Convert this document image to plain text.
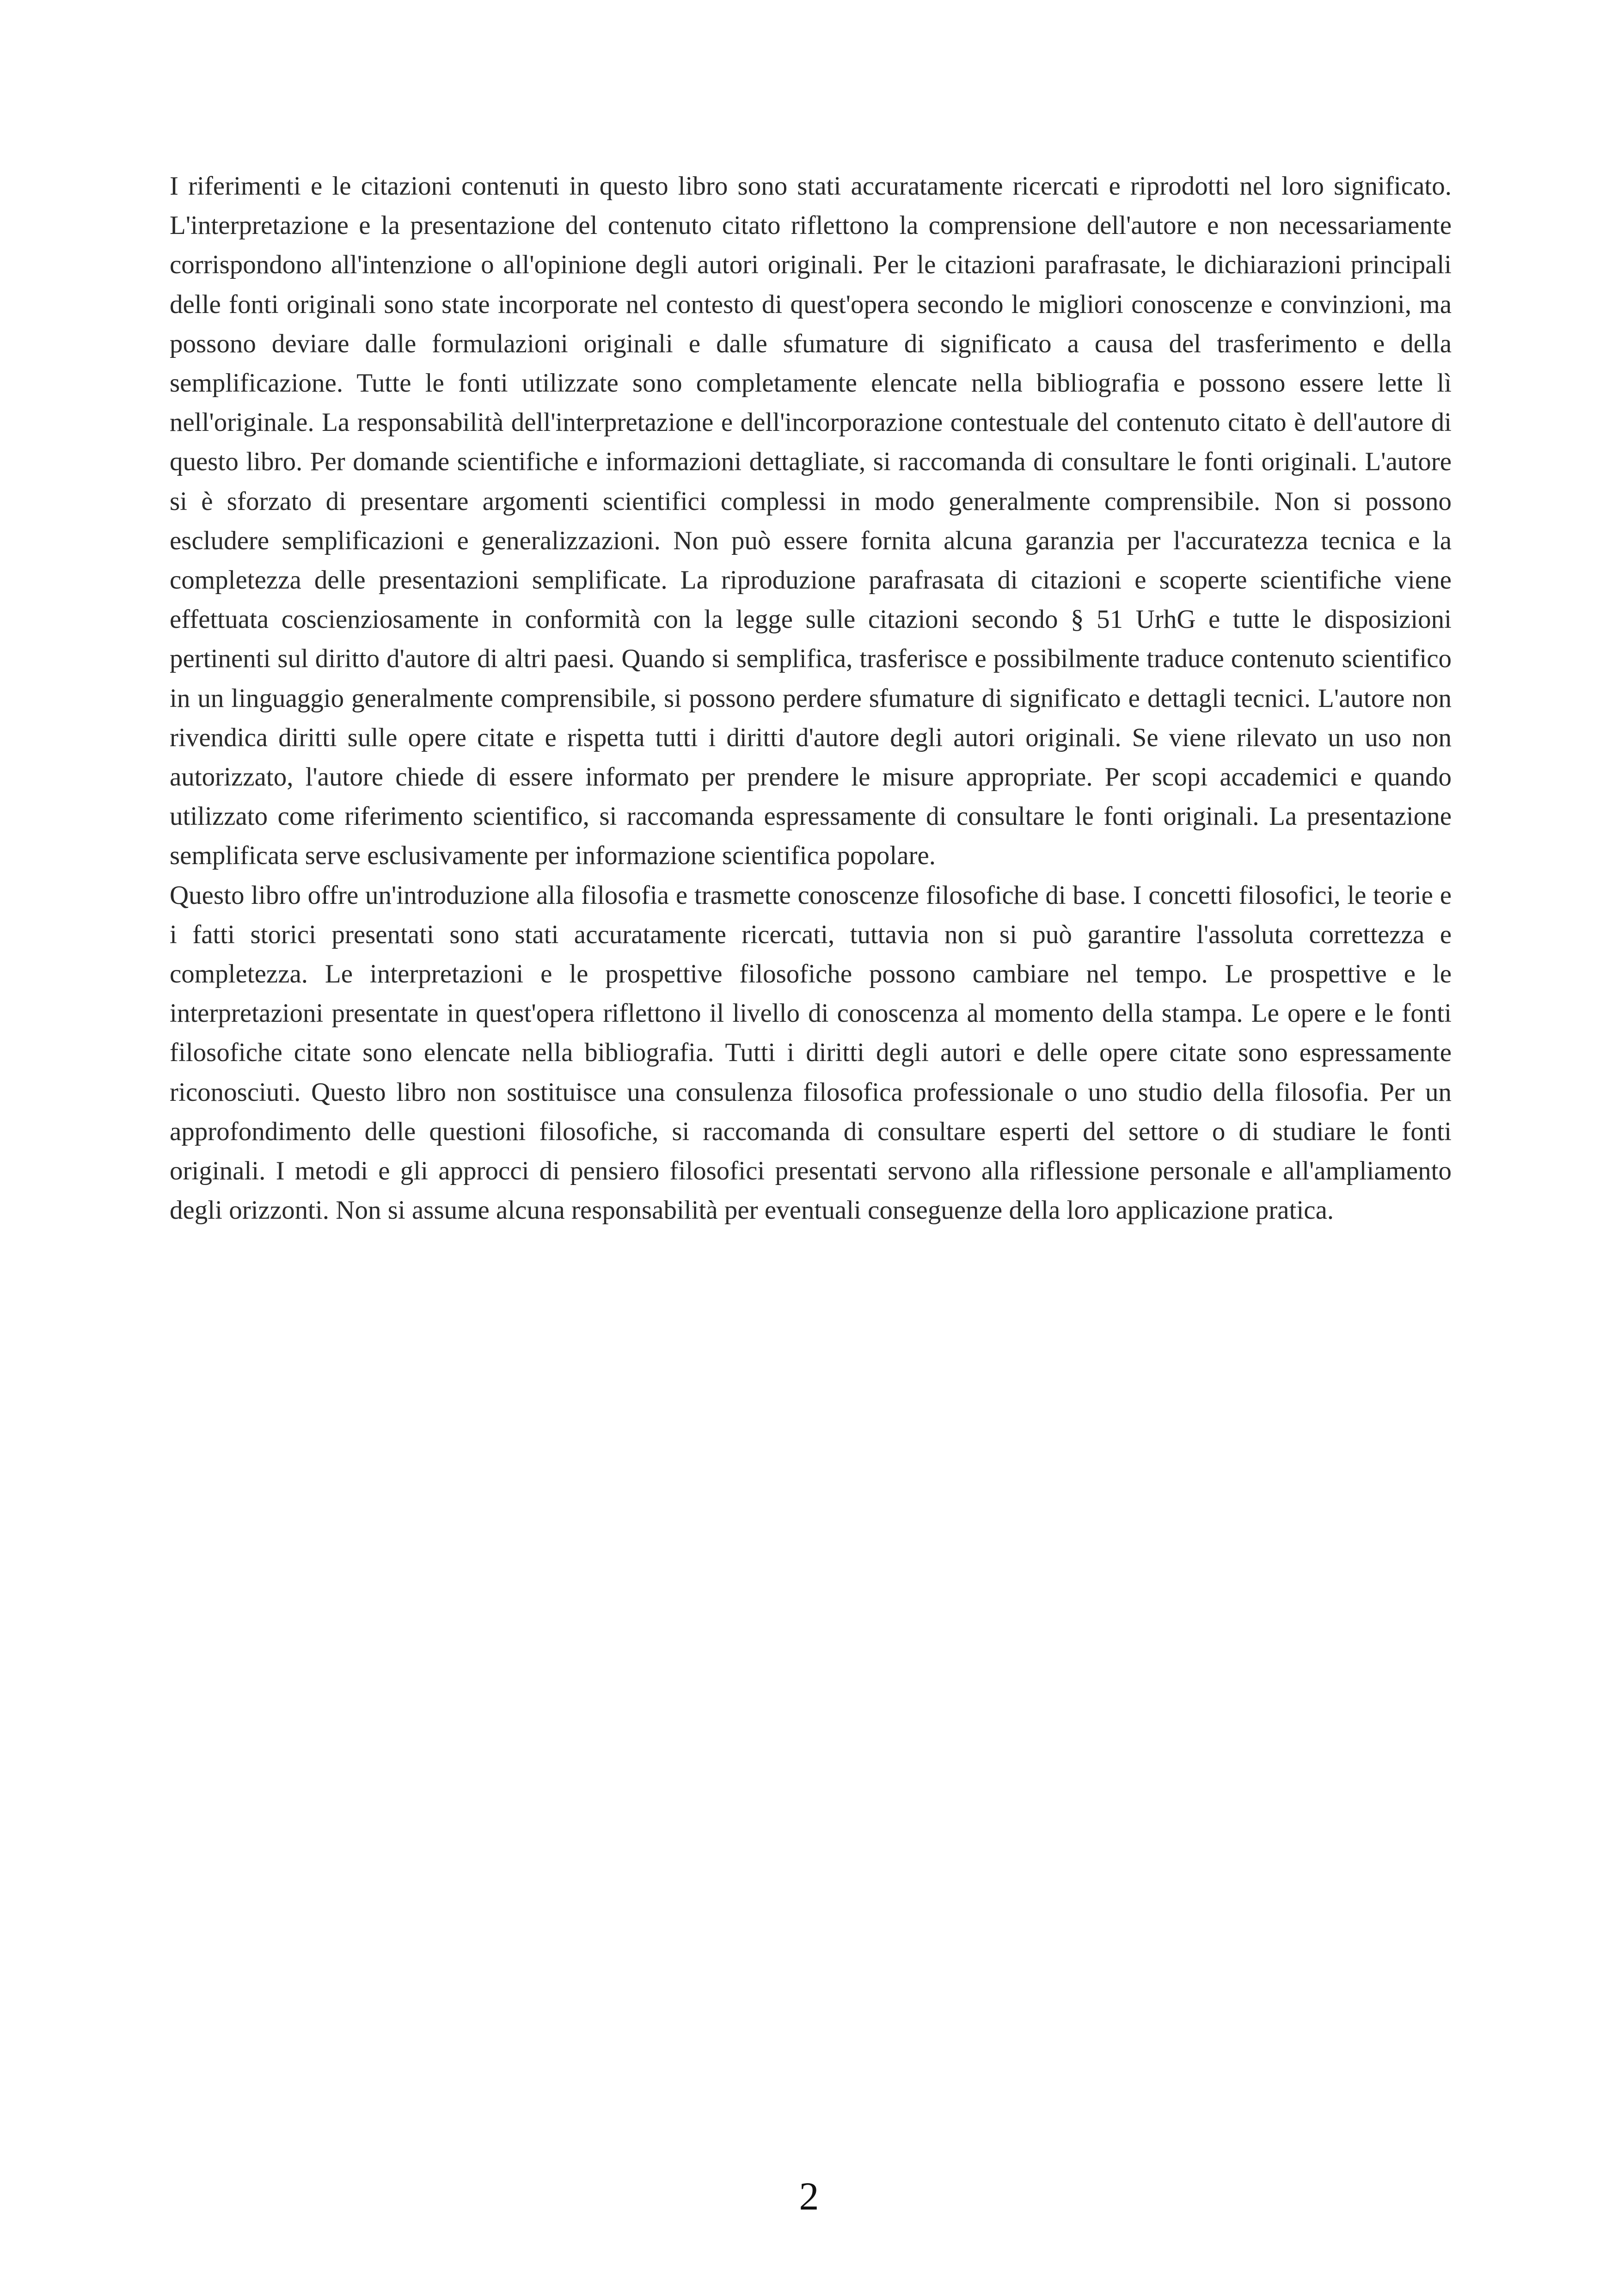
I riferimenti e le citazioni contenuti in questo libro sono stati accuratamente ricercati e riprodotti nel loro significato. L'interpretazione e la presentazione del contenuto citato riflettono la comprensione dell'autore e non necessariamente corrispondono all'intenzione o all'opinione degli autori originali. Per le citazioni parafrasate, le dichiarazioni principali delle fonti originali sono state incorporate nel contesto di quest'opera secondo le migliori conoscenze e convinzioni, ma possono deviare dalle formulazioni originali e dalle sfumature di significato a causa del trasferimento e della semplificazione. Tutte le fonti utilizzate sono completamente elencate nella bibliografia e possono essere lette lì nell'originale. La responsabilità dell'interpretazione e dell'incorporazione contestuale del contenuto citato è dell'autore di questo libro. Per domande scientifiche e informazioni dettagliate, si raccomanda di consultare le fonti originali. L'autore si è sforzato di presentare argomenti scientifici complessi in modo generalmente comprensibile. Non si possono escludere semplificazioni e generalizzazioni. Non può essere fornita alcuna garanzia per l'accuratezza tecnica e la completezza delle presentazioni semplificate. La riproduzione parafrasata di citazioni e scoperte scientifiche viene effettuata coscienziosamente in conformità con la legge sulle citazioni secondo § 51 UrhG e tutte le disposizioni pertinenti sul diritto d'autore di altri paesi. Quando si semplifica, trasferisce e possibilmente traduce contenuto scientifico in un linguaggio generalmente comprensibile, si possono perdere sfumature di significato e dettagli tecnici. L'autore non rivendica diritti sulle opere citate e rispetta tutti i diritti d'autore degli autori originali. Se viene rilevato un uso non autorizzato, l'autore chiede di essere informato per prendere le misure appropriate. Per scopi accademici e quando utilizzato come riferimento scientifico, si raccomanda espressamente di consultare le fonti originali. La presentazione semplificata serve esclusivamente per informazione scientifica popolare.

Questo libro offre un'introduzione alla filosofia e trasmette conoscenze filosofiche di base. I concetti filosofici, le teorie e i fatti storici presentati sono stati accuratamente ricercati, tuttavia non si può garantire l'assoluta correttezza e completezza. Le interpretazioni e le prospettive filosofiche possono cambiare nel tempo. Le prospettive e le interpretazioni presentate in quest'opera riflettono il livello di conoscenza al momento della stampa. Le opere e le fonti filosofiche citate sono elencate nella bibliografia. Tutti i diritti degli autori e delle opere citate sono espressamente riconosciuti. Questo libro non sostituisce una consulenza filosofica professionale o uno studio della filosofia. Per un approfondimento delle questioni filosofiche, si raccomanda di consultare esperti del settore o di studiare le fonti originali. I metodi e gli approcci di pensiero filosofici presentati servono alla riflessione personale e all'ampliamento degli orizzonti. Non si assume alcuna responsabilità per eventuali conseguenze della loro applicazione pratica.

2
